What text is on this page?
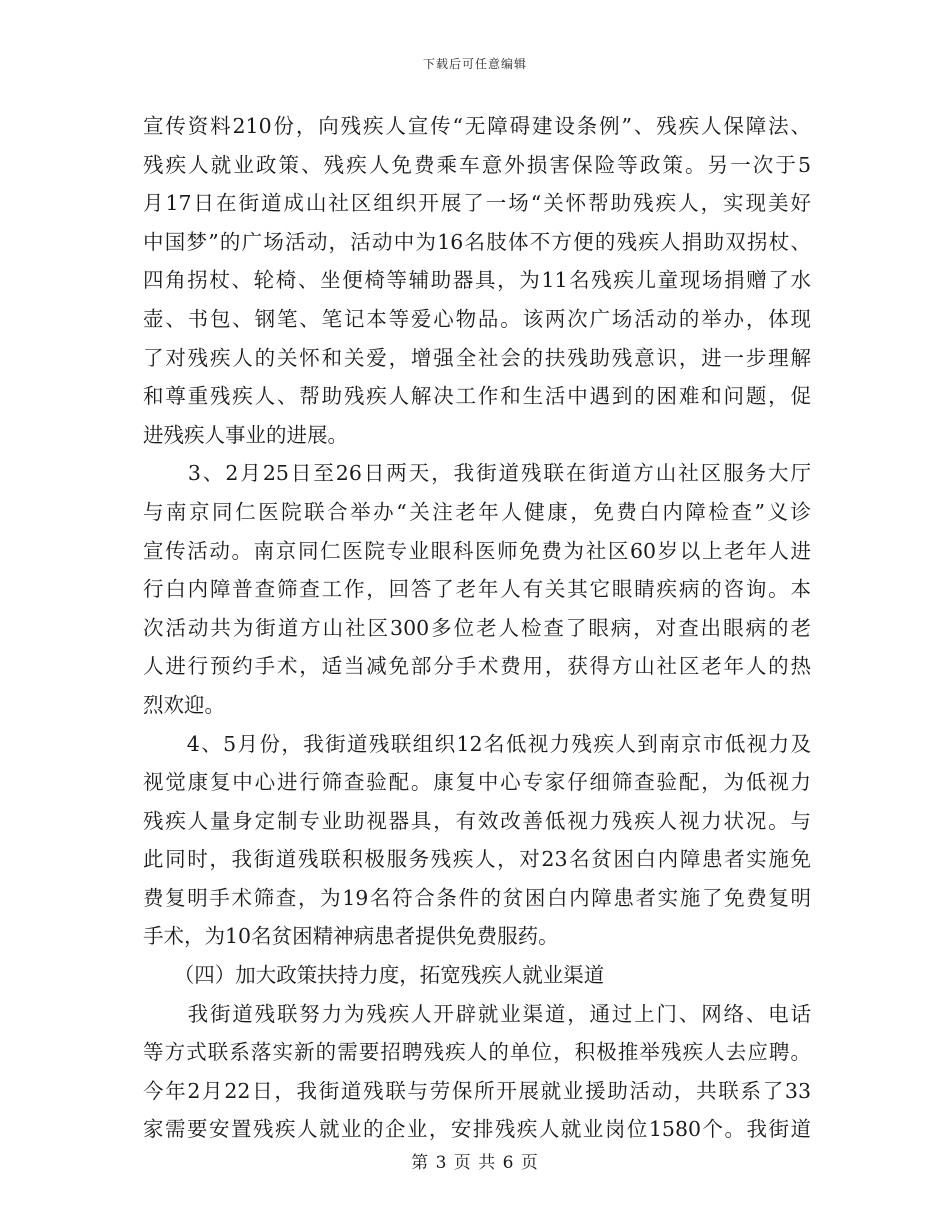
下载后可任意编辑
宣传资料210份，向残疾人宣传“无障碍建设条例”、残疾人保障法、
残疾人就业政策、残疾人免费乘车意外损害保险等政策。另一次于5
月17日在街道成山社区组织开展了一场“关怀帮助残疾人，实现美好
中国梦”的广场活动，活动中为16名肢体不方便的残疾人捐助双拐杖、
四角拐杖、轮椅、坐便椅等辅助器具，为11名残疾儿童现场捐赠了水
壶、书包、钢笔、笔记本等爱心物品。该两次广场活动的举办，体现
了对残疾人的关怀和关爱，增强全社会的扶残助残意识，进一步理解
和尊重残疾人、帮助残疾人解决工作和生活中遇到的困难和问题，促
进残疾人事业的进展。
　　3、2月25日至26日两天，我街道残联在街道方山社区服务大厅
与南京同仁医院联合举办“关注老年人健康，免费白内障检查”义诊
宣传活动。南京同仁医院专业眼科医师免费为社区60岁以上老年人进
行白内障普查筛查工作，回答了老年人有关其它眼睛疾病的咨询。本
次活动共为街道方山社区300多位老人检查了眼病，对查出眼病的老
人进行预约手术，适当减免部分手术费用，获得方山社区老年人的热
烈欢迎。
　　4、5月份，我街道残联组织12名低视力残疾人到南京市低视力及
视觉康复中心进行筛查验配。康复中心专家仔细筛查验配，为低视力
残疾人量身定制专业助视器具，有效改善低视力残疾人视力状况。与
此同时，我街道残联积极服务残疾人，对23名贫困白内障患者实施免
费复明手术筛查，为19名符合条件的贫困白内障患者实施了免费复明
手术，为10名贫困精神病患者提供免费服药。
　　（四）加大政策扶持力度，拓宽残疾人就业渠道
　　我街道残联努力为残疾人开辟就业渠道，通过上门、网络、电话
等方式联系落实新的需要招聘残疾人的单位，积极推举残疾人去应聘。
今年2月22日，我街道残联与劳保所开展就业援助活动，共联系了33
家需要安置残疾人就业的企业，安排残疾人就业岗位1580个。我街道
第 3 页 共 6 页
